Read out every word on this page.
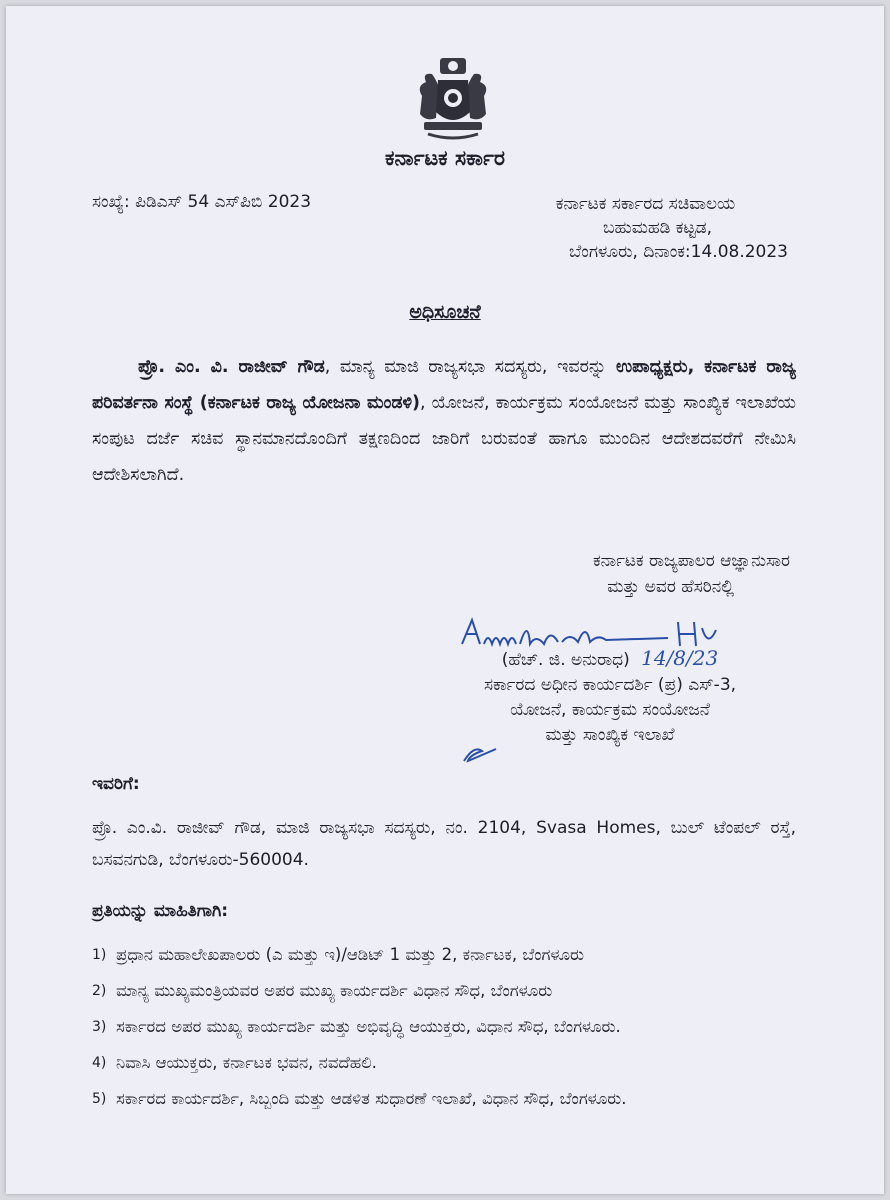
ಕರ್ನಾಟಕ ಸರ್ಕಾರ
ಸಂಖ್ಯೆ: ಪಿಡಿಎಸ್ 54 ಎಸ್‌ಪಿಬಿ 2023	ಕರ್ನಾಟಕ ಸರ್ಕಾರದ ಸಚಿವಾಲಯ
ಬಹುಮಹಡಿ ಕಟ್ಟಡ,
ಬೆಂಗಳೂರು, ದಿನಾಂಕ:14.08.2023
ಅಧಿಸೂಚನೆ
ಪ್ರೊ. ಎಂ. ವಿ. ರಾಜೀವ್ ಗೌಡ, ಮಾನ್ಯ ಮಾಜಿ ರಾಜ್ಯಸಭಾ ಸದಸ್ಯರು, ಇವರನ್ನು ಉಪಾಧ್ಯಕ್ಷರು, ಕರ್ನಾಟಕ ರಾಜ್ಯ ಪರಿವರ್ತನಾ ಸಂಸ್ಥೆ (ಕರ್ನಾಟಕ ರಾಜ್ಯ ಯೋಜನಾ ಮಂಡಳಿ), ಯೋಜನೆ, ಕಾರ್ಯಕ್ರಮ ಸಂಯೋಜನೆ ಮತ್ತು ಸಾಂಖ್ಯಿಕ ಇಲಾಖೆಯ ಸಂಪುಟ ದರ್ಜೆ ಸಚಿವ ಸ್ಥಾನಮಾನದೊಂದಿಗೆ ತಕ್ಷಣದಿಂದ ಜಾರಿಗೆ ಬರುವಂತೆ ಹಾಗೂ ಮುಂದಿನ ಆದೇಶದವರೆಗೆ ನೇಮಿಸಿ ಆದೇಶಿಸಲಾಗಿದೆ.
ಕರ್ನಾಟಕ ರಾಜ್ಯಪಾಲರ ಆಜ್ಞಾನುಸಾರ
ಮತ್ತು ಅವರ ಹೆಸರಿನಲ್ಲಿ
(ಹೆಚ್. ಜಿ. ಅನುರಾಧ) 14/8/23
ಸರ್ಕಾರದ ಅಧೀನ ಕಾರ್ಯದರ್ಶಿ (ಪ್ರ) ಎಸ್-3,
ಯೋಜನೆ, ಕಾರ್ಯಕ್ರಮ ಸಂಯೋಜನೆ
ಮತ್ತು ಸಾಂಖ್ಯಿಕ ಇಲಾಖೆ
ಇವರಿಗೆ:
ಪ್ರೊ. ಎಂ.ವಿ. ರಾಜೀವ್ ಗೌಡ, ಮಾಜಿ ರಾಜ್ಯಸಭಾ ಸದಸ್ಯರು, ನಂ. 2104, Svasa Homes, ಬುಲ್ ಟೆಂಪಲ್ ರಸ್ತೆ, ಬಸವನಗುಡಿ, ಬೆಂಗಳೂರು-560004.
ಪ್ರತಿಯನ್ನು ಮಾಹಿತಿಗಾಗಿ:
1) ಪ್ರಧಾನ ಮಹಾಲೇಖಪಾಲರು (ಎ ಮತ್ತು ಇ)/ಆಡಿಟ್ 1 ಮತ್ತು 2, ಕರ್ನಾಟಕ, ಬೆಂಗಳೂರು
2) ಮಾನ್ಯ ಮುಖ್ಯಮಂತ್ರಿಯವರ ಅಪರ ಮುಖ್ಯ ಕಾರ್ಯದರ್ಶಿ ವಿಧಾನ ಸೌಧ, ಬೆಂಗಳೂರು
3) ಸರ್ಕಾರದ ಅಪರ ಮುಖ್ಯ ಕಾರ್ಯದರ್ಶಿ ಮತ್ತು ಅಭಿವೃದ್ಧಿ ಆಯುಕ್ತರು, ವಿಧಾನ ಸೌಧ, ಬೆಂಗಳೂರು.
4) ನಿವಾಸಿ ಆಯುಕ್ತರು, ಕರ್ನಾಟಕ ಭವನ, ನವದೆಹಲಿ.
5) ಸರ್ಕಾರದ ಕಾರ್ಯದರ್ಶಿ, ಸಿಬ್ಬಂದಿ ಮತ್ತು ಆಡಳಿತ ಸುಧಾರಣೆ ಇಲಾಖೆ, ವಿಧಾನ ಸೌಧ, ಬೆಂಗಳೂರು.
